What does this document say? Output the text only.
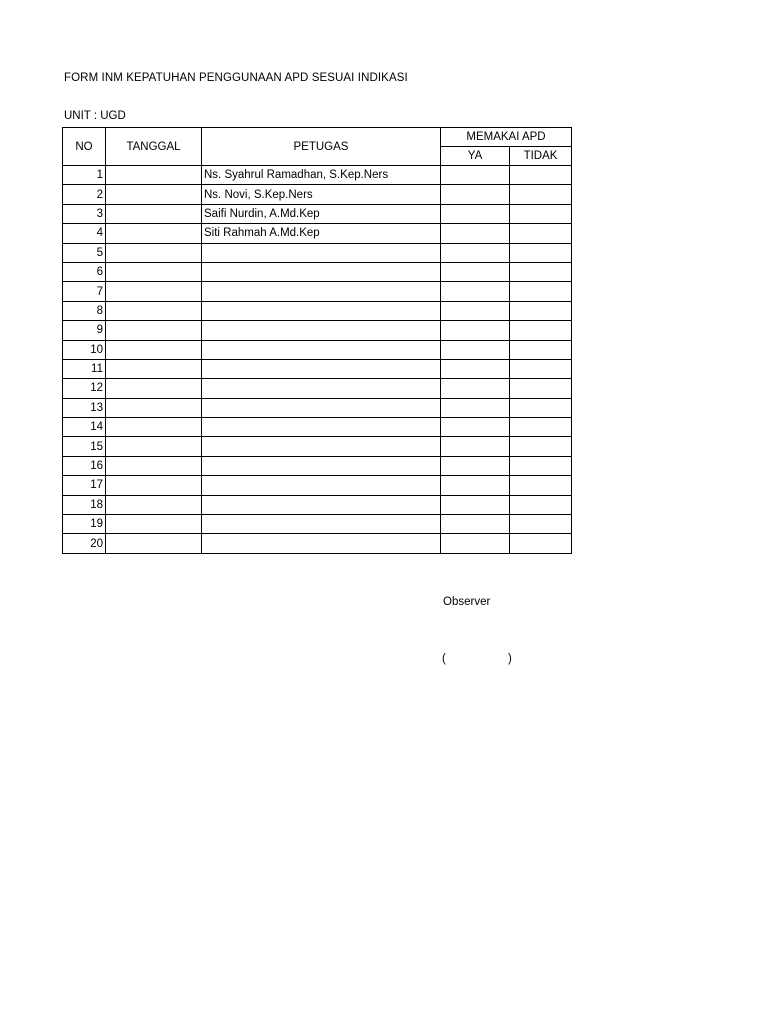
FORM INM KEPATUHAN PENGGUNAAN APD SESUAI INDIKASI
UNIT : UGD
NO	TANGGAL	PETUGAS	MEMAKAI APD	
			YA	TIDAK
1		Ns. Syahrul Ramadhan, S.Kep.Ners		
2		Ns. Novi, S.Kep.Ners		
3		Saifi Nurdin, A.Md.Kep		
4		Siti Rahmah A.Md.Kep		
5				
6				
7				
8				
9				
10				
11				
12				
13				
14				
15				
16				
17				
18				
19				
20				
Observer
(	)
